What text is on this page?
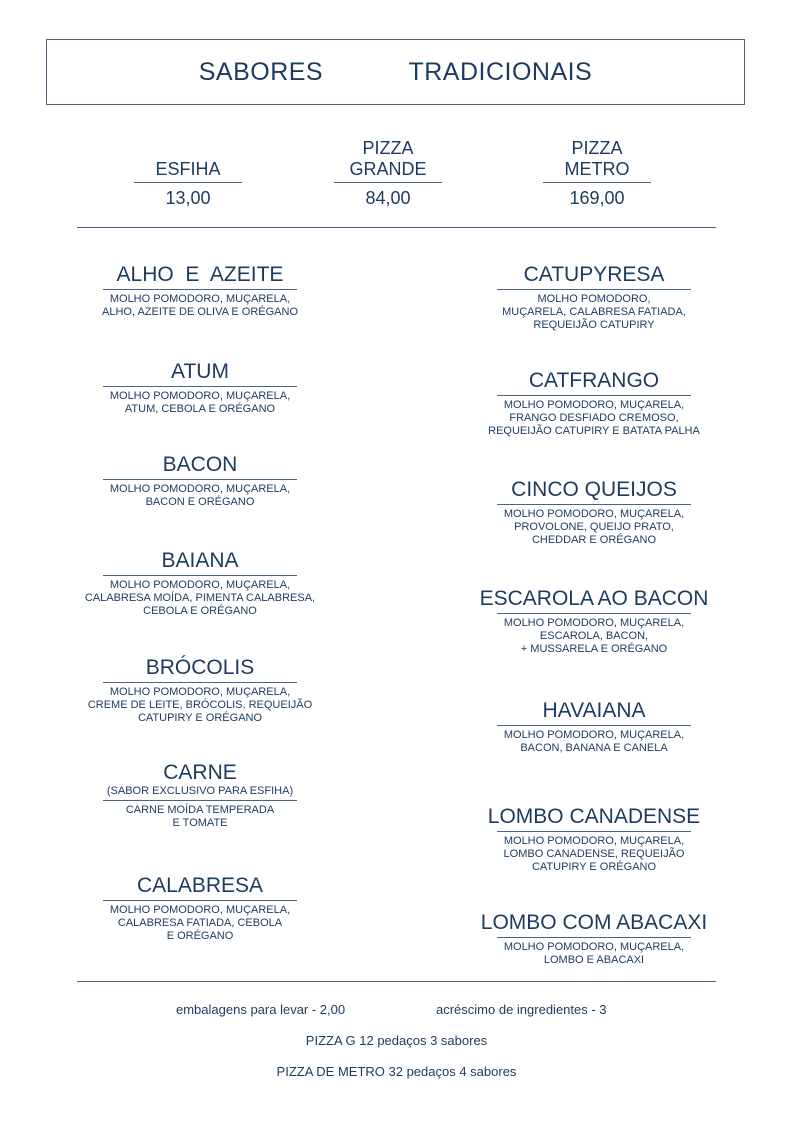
SABORES    TRADICIONAIS
ESFIHA
13,00
PIZZA
GRANDE
84,00
PIZZA
METRO
169,00
ALHO  E  AZEITE
MOLHO POMODORO, MUÇARELA,
ALHO, AZEITE DE OLIVA E ORÉGANO
ATUM
MOLHO POMODORO, MUÇARELA,
ATUM, CEBOLA E ORÉGANO
BACON
MOLHO POMODORO, MUÇARELA,
BACON E ORÉGANO
BAIANA
MOLHO POMODORO, MUÇARELA,
CALABRESA MOÍDA, PIMENTA CALABRESA,
CEBOLA E ORÉGANO
BRÓCOLIS
MOLHO POMODORO, MUÇARELA,
CREME DE LEITE, BRÓCOLIS, REQUEIJÃO
CATUPIRY E ORÉGANO
CARNE
(SABOR EXCLUSIVO PARA ESFIHA)
CARNE MOÍDA TEMPERADA
E TOMATE
CALABRESA
MOLHO POMODORO, MUÇARELA,
CALABRESA FATIADA, CEBOLA
E ORÉGANO
CATUPYRESA
MOLHO POMODORO,
MUÇARELA, CALABRESA FATIADA,
REQUEIJÃO CATUPIRY
CATFRANGO
MOLHO POMODORO, MUÇARELA,
FRANGO DESFIADO CREMOSO,
REQUEIJÃO CATUPIRY E BATATA PALHA
CINCO QUEIJOS
MOLHO POMODORO, MUÇARELA,
PROVOLONE, QUEIJO PRATO,
CHEDDAR E ORÉGANO
ESCAROLA AO BACON
MOLHO POMODORO, MUÇARELA,
ESCAROLA, BACON,
+ MUSSARELA E ORÉGANO
HAVAIANA
MOLHO POMODORO, MUÇARELA,
BACON, BANANA E CANELA
LOMBO CANADENSE
MOLHO POMODORO, MUÇARELA,
LOMBO CANADENSE, REQUEIJÃO
CATUPIRY E ORÉGANO
LOMBO COM ABACAXI
MOLHO POMODORO, MUÇARELA,
LOMBO E ABACAXI
embalagens para levar - 2,00	acréscimo de ingredientes - 3
PIZZA G 12 pedaços 3 sabores
PIZZA DE METRO 32 pedaços 4 sabores
